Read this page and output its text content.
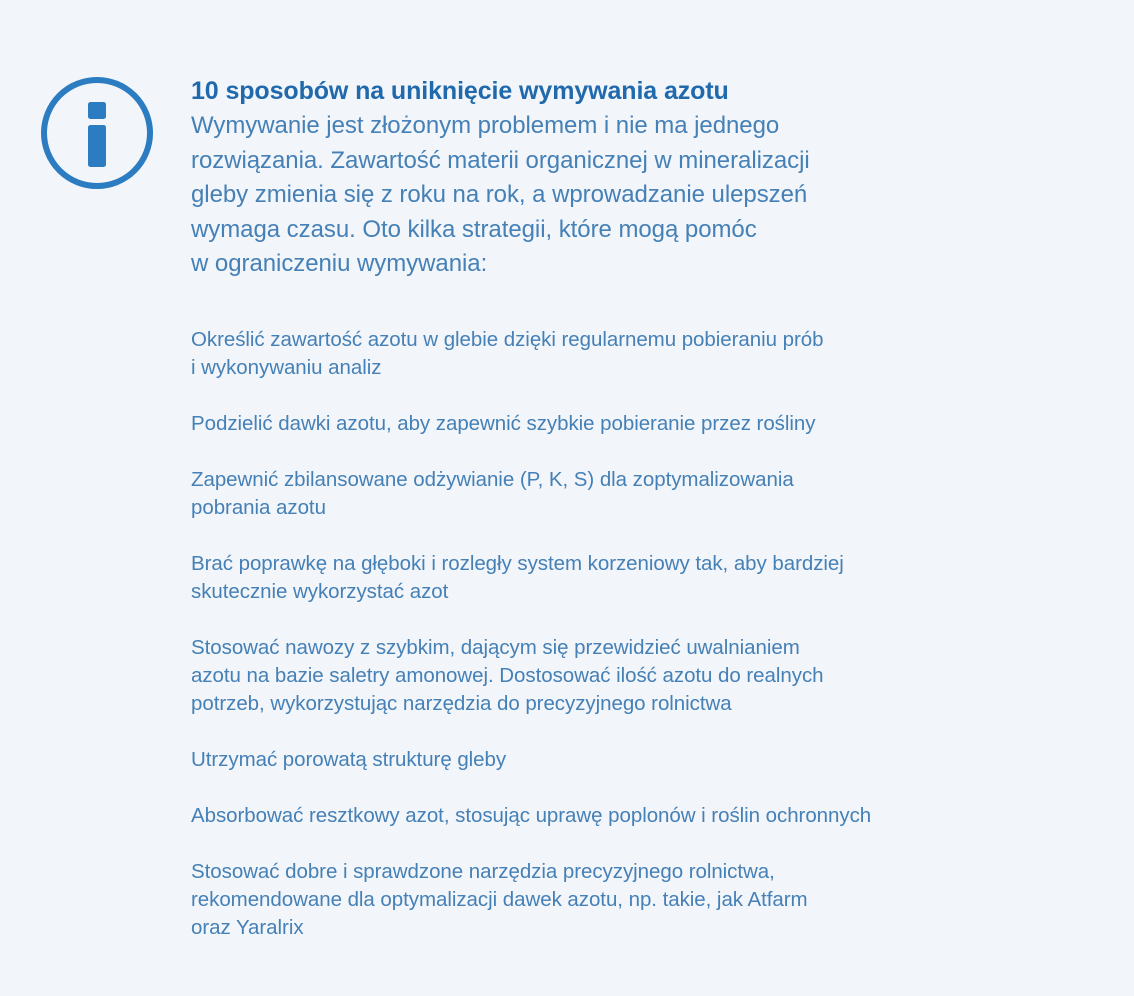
10 sposobów na uniknięcie wymywania azotu
Wymywanie jest złożonym problemem i nie ma jednego
rozwiązania. Zawartość materii organicznej w mineralizacji
gleby zmienia się z roku na rok, a wprowadzanie ulepszeń
wymaga czasu. Oto kilka strategii, które mogą pomóc
w ograniczeniu wymywania:
Określić zawartość azotu w glebie dzięki regularnemu pobieraniu prób
i wykonywaniu analiz
Podzielić dawki azotu, aby zapewnić szybkie pobieranie przez rośliny
Zapewnić zbilansowane odżywianie (P, K, S) dla zoptymalizowania
pobrania azotu
Brać poprawkę na głęboki i rozległy system korzeniowy tak, aby bardziej
skutecznie wykorzystać azot
Stosować nawozy z szybkim, dającym się przewidzieć uwalnianiem
azotu na bazie saletry amonowej. Dostosować ilość azotu do realnych
potrzeb, wykorzystując narzędzia do precyzyjnego rolnictwa
Utrzymać porowatą strukturę gleby
Absorbować resztkowy azot, stosując uprawę poplonów i roślin ochronnych
Stosować dobre i sprawdzone narzędzia precyzyjnego rolnictwa,
rekomendowane dla optymalizacji dawek azotu, np. takie, jak Atfarm
oraz Yaralrix
